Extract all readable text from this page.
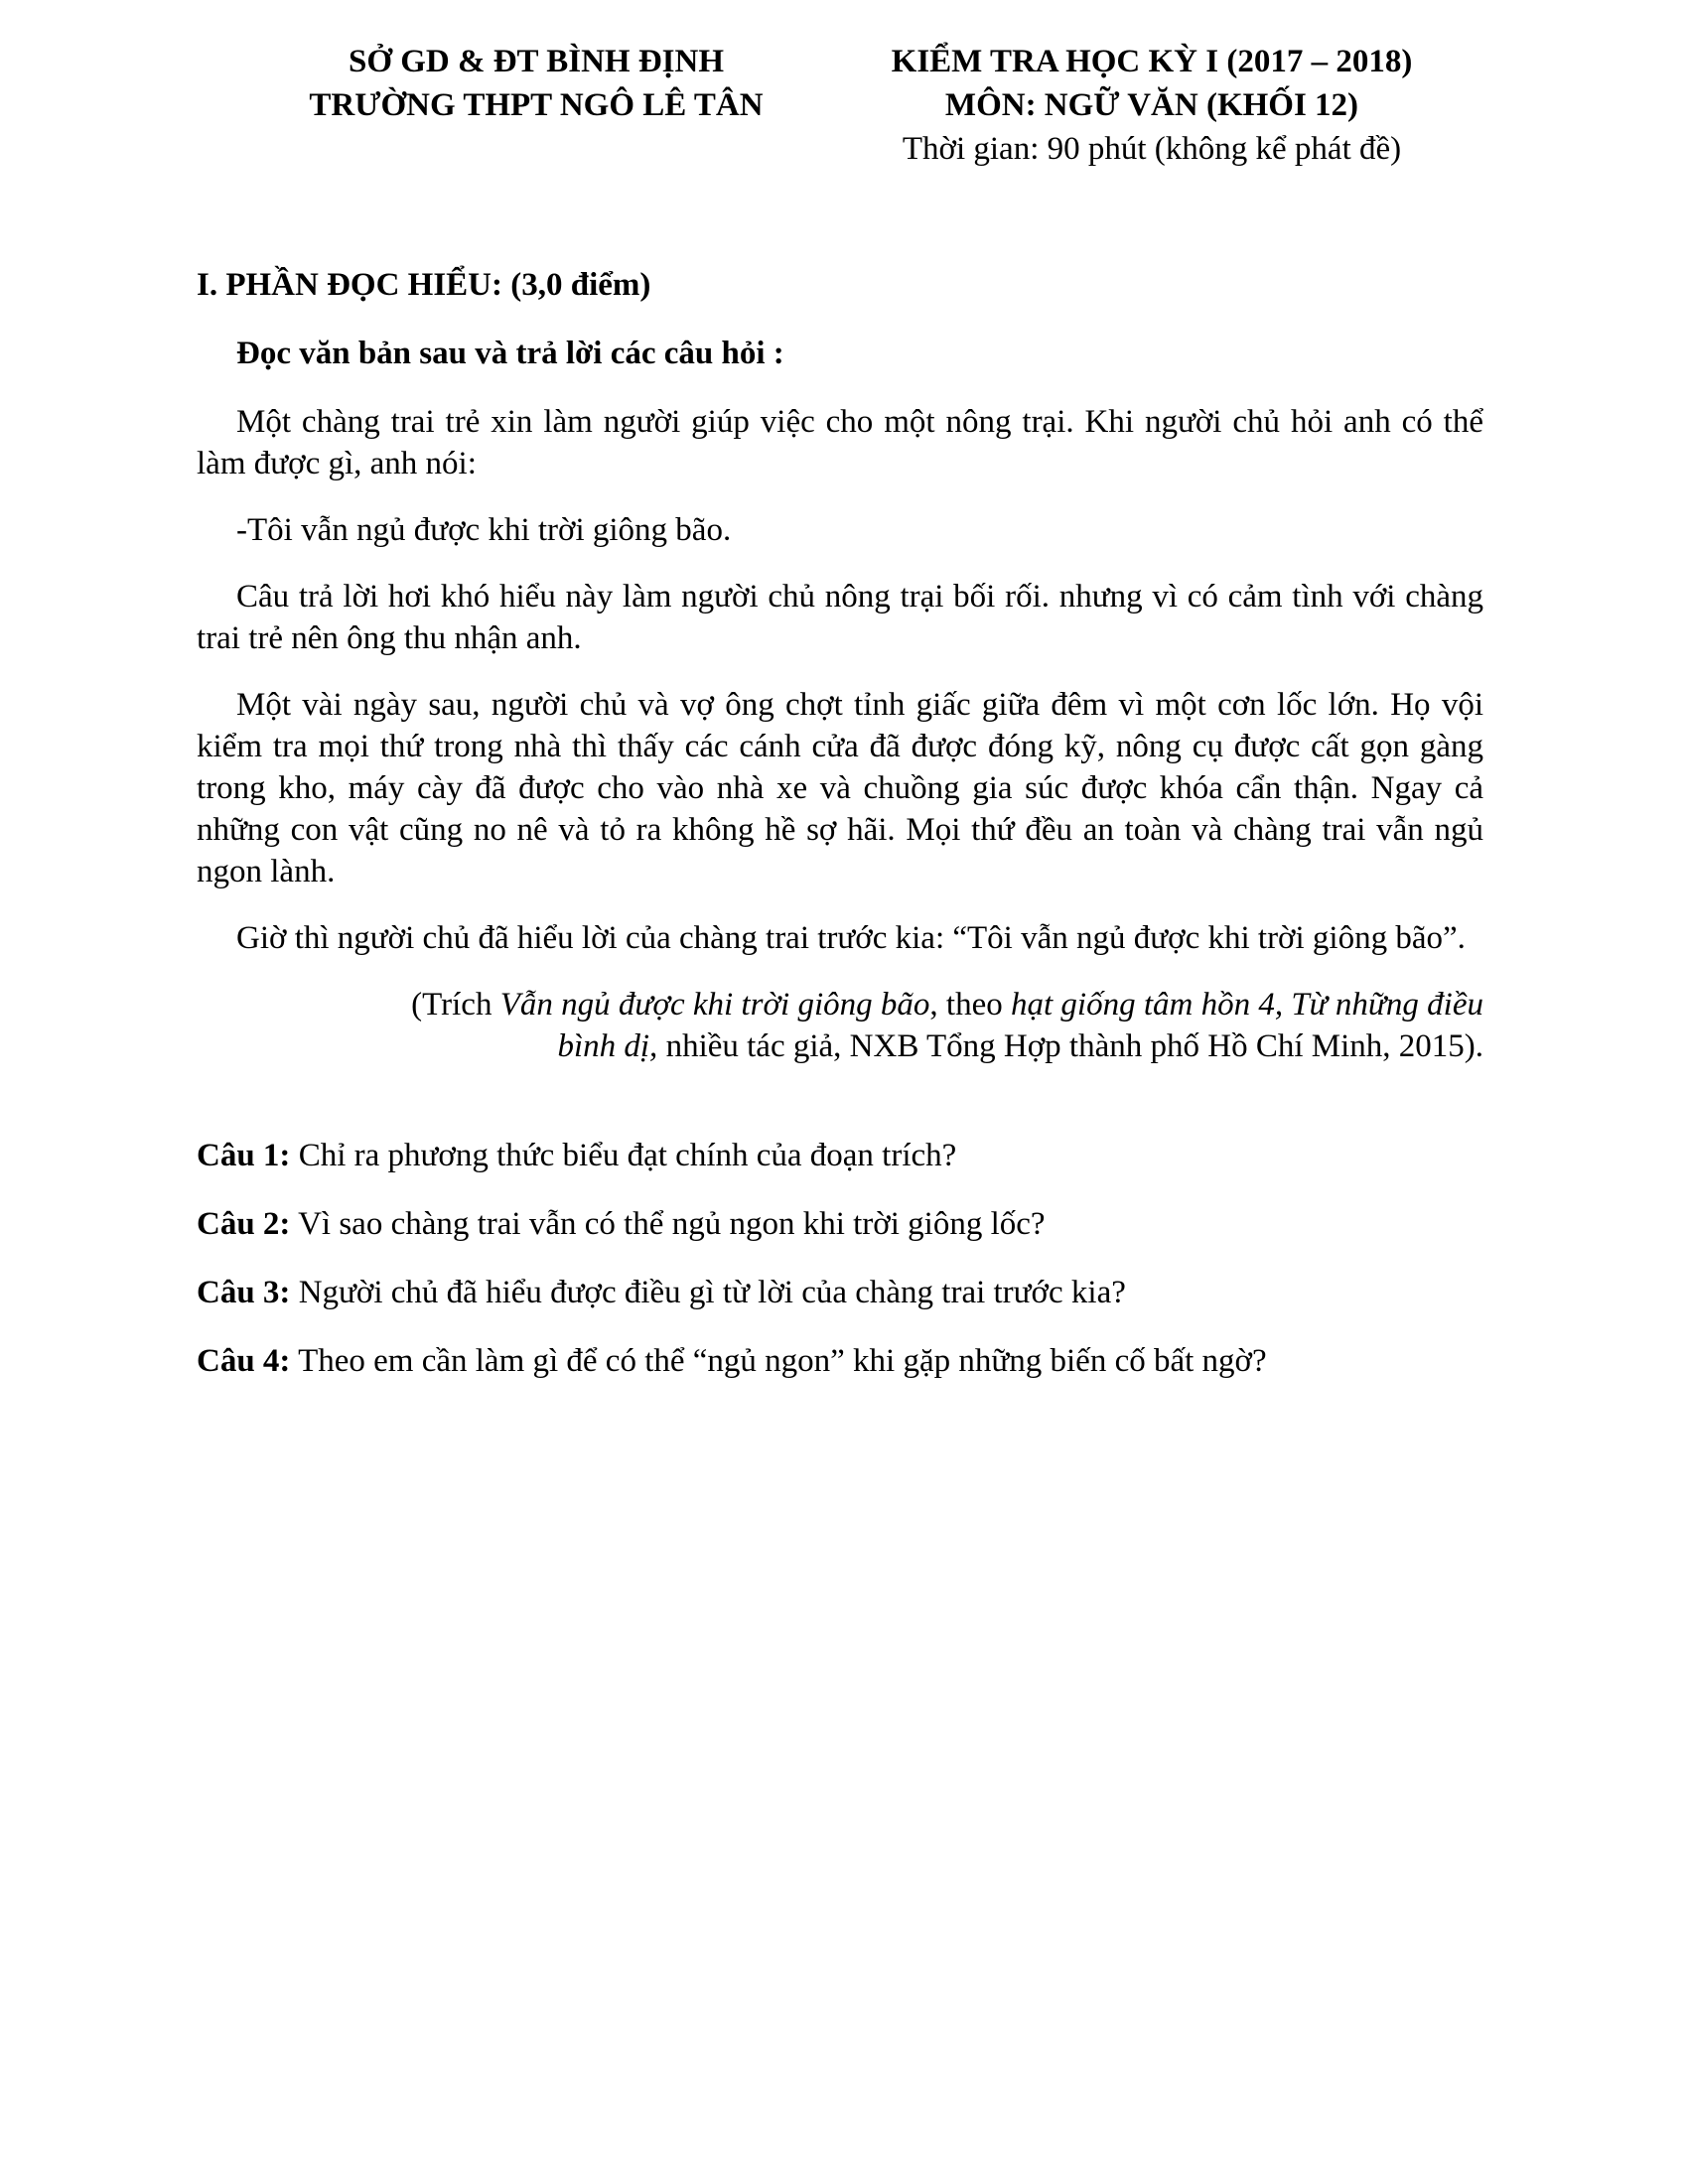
SỞ GD & ĐT BÌNH ĐỊNH
TRƯỜNG THPT NGÔ LÊ TÂN
KIỂM TRA HỌC KỲ I (2017 – 2018)
MÔN: NGỮ VĂN (KHỐI 12)
Thời gian: 90 phút (không kể phát đề)
I. PHẦN ĐỌC HIỂU: (3,0 điểm)
Đọc văn bản sau và trả lời các câu hỏi :

Một chàng trai trẻ xin làm người giúp việc cho một nông trại. Khi người chủ hỏi anh có thể làm được gì, anh nói:

-Tôi vẫn ngủ được khi trời giông bão.

Câu trả lời hơi khó hiểu này làm người chủ nông trại bối rối. nhưng vì có cảm tình với chàng trai trẻ nên ông thu nhận anh.

Một vài ngày sau, người chủ và vợ ông chợt tỉnh giấc giữa đêm vì một cơn lốc lớn. Họ vội kiểm tra mọi thứ trong nhà thì thấy các cánh cửa đã được đóng kỹ, nông cụ được cất gọn gàng trong kho, máy cày đã được cho vào nhà xe và chuồng gia súc được khóa cẩn thận. Ngay cả những con vật cũng no nê và tỏ ra không hề sợ hãi. Mọi thứ đều an toàn và chàng trai vẫn ngủ ngon lành.

Giờ thì người chủ đã hiểu lời của chàng trai trước kia: “Tôi vẫn ngủ được khi trời giông bão”.

(Trích Vẫn ngủ được khi trời giông bão, theo hạt giống tâm hồn 4, Từ những điều bình dị, nhiều tác giả, NXB Tổng Hợp thành phố Hồ Chí Minh, 2015).
Câu 1: Chỉ ra phương thức biểu đạt chính của đoạn trích?
Câu 2: Vì sao chàng trai vẫn có thể ngủ ngon khi trời giông lốc?
Câu 3: Người chủ đã hiểu được điều gì từ lời của chàng trai trước kia?
Câu 4: Theo em cần làm gì để có thể “ngủ ngon” khi gặp những biến cố bất ngờ?
